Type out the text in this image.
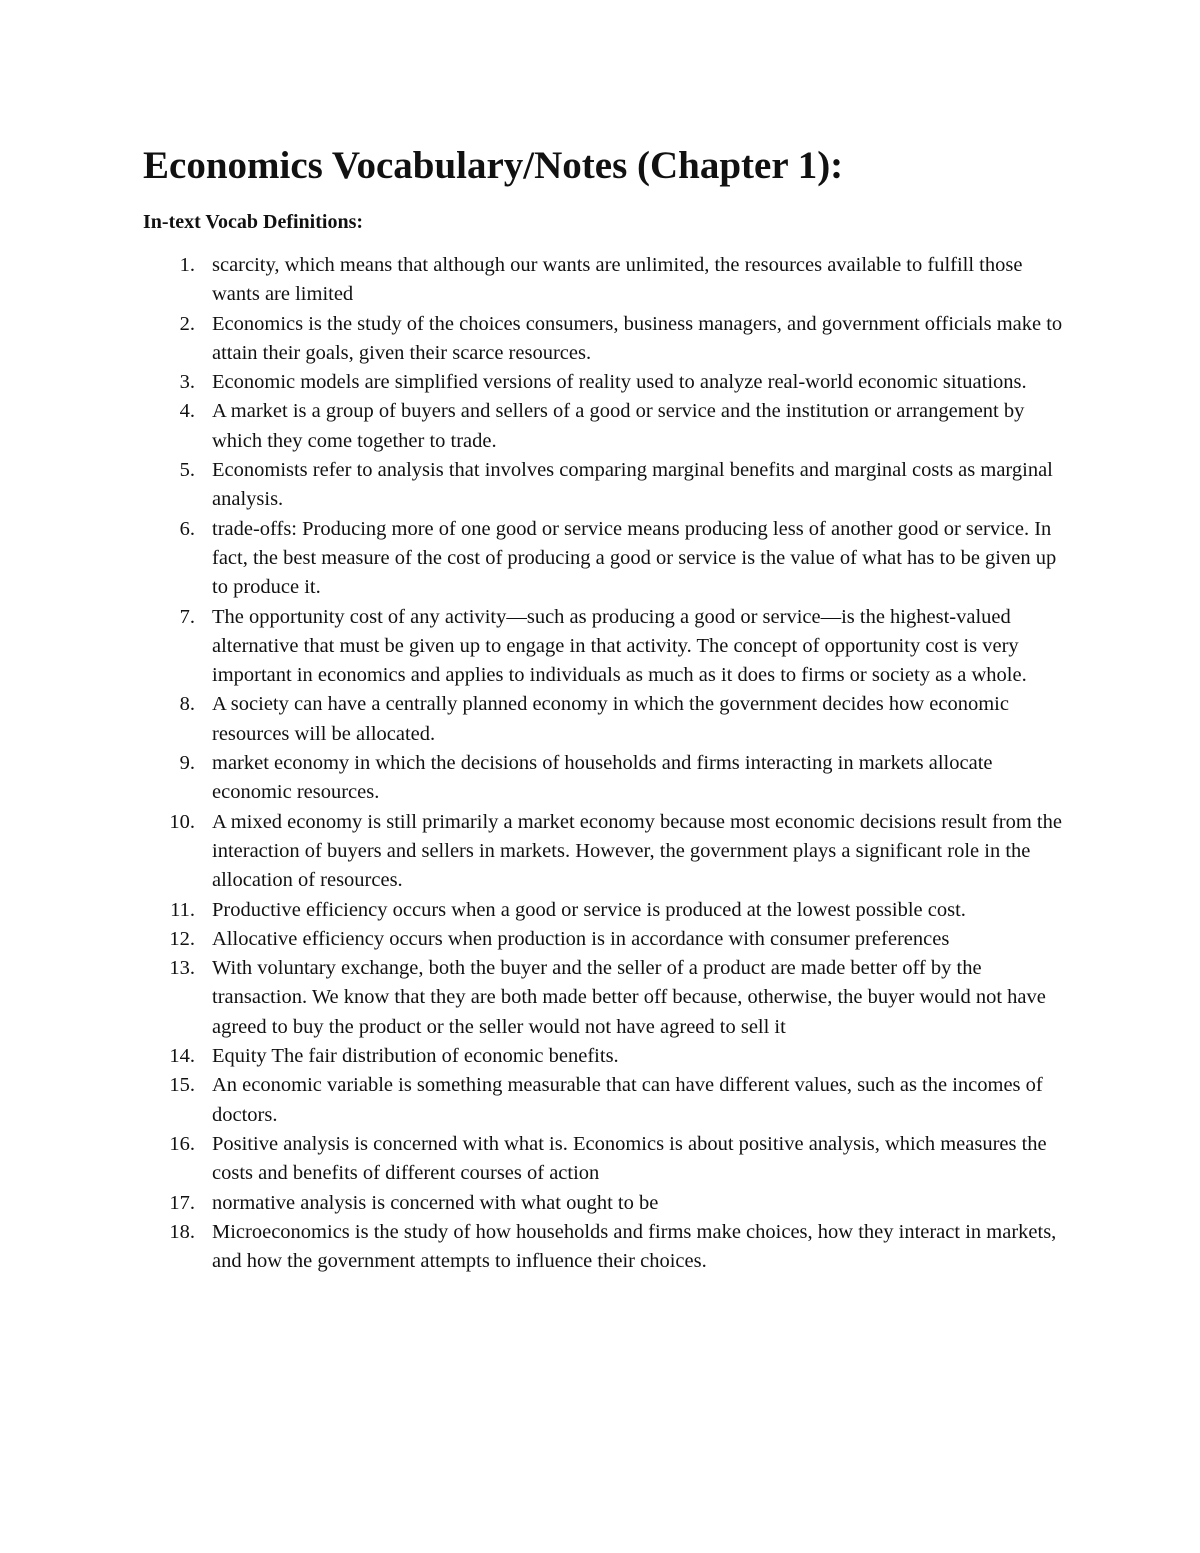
Economics Vocabulary/Notes (Chapter 1):
In-text Vocab Definitions:
1. scarcity, which means that although our wants are unlimited, the resources available to fulfill those wants are limited
2. Economics is the study of the choices consumers, business managers, and government officials make to attain their goals, given their scarce resources.
3. Economic models are simplified versions of reality used to analyze real-world economic situations.
4. A market is a group of buyers and sellers of a good or service and the institution or arrangement by which they come together to trade.
5. Economists refer to analysis that involves comparing marginal benefits and marginal costs as marginal analysis.
6. trade-offs: Producing more of one good or service means producing less of another good or service. In fact, the best measure of the cost of producing a good or service is the value of what has to be given up to produce it.
7. The opportunity cost of any activity—such as producing a good or service—is the highest-valued alternative that must be given up to engage in that activity. The concept of opportunity cost is very important in economics and applies to individuals as much as it does to firms or society as a whole.
8. A society can have a centrally planned economy in which the government decides how economic resources will be allocated.
9. market economy in which the decisions of households and firms interacting in markets allocate economic resources.
10. A mixed economy is still primarily a market economy because most economic decisions result from the interaction of buyers and sellers in markets. However, the government plays a significant role in the allocation of resources.
11. Productive efficiency occurs when a good or service is produced at the lowest possible cost.
12. Allocative efficiency occurs when production is in accordance with consumer preferences
13. With voluntary exchange, both the buyer and the seller of a product are made better off by the transaction. We know that they are both made better off because, otherwise, the buyer would not have agreed to buy the product or the seller would not have agreed to sell it
14. Equity The fair distribution of economic benefits.
15. An economic variable is something measurable that can have different values, such as the incomes of doctors.
16. Positive analysis is concerned with what is. Economics is about positive analysis, which measures the costs and benefits of different courses of action
17. normative analysis is concerned with what ought to be
18. Microeconomics is the study of how households and firms make choices, how they interact in markets, and how the government attempts to influence their choices.
